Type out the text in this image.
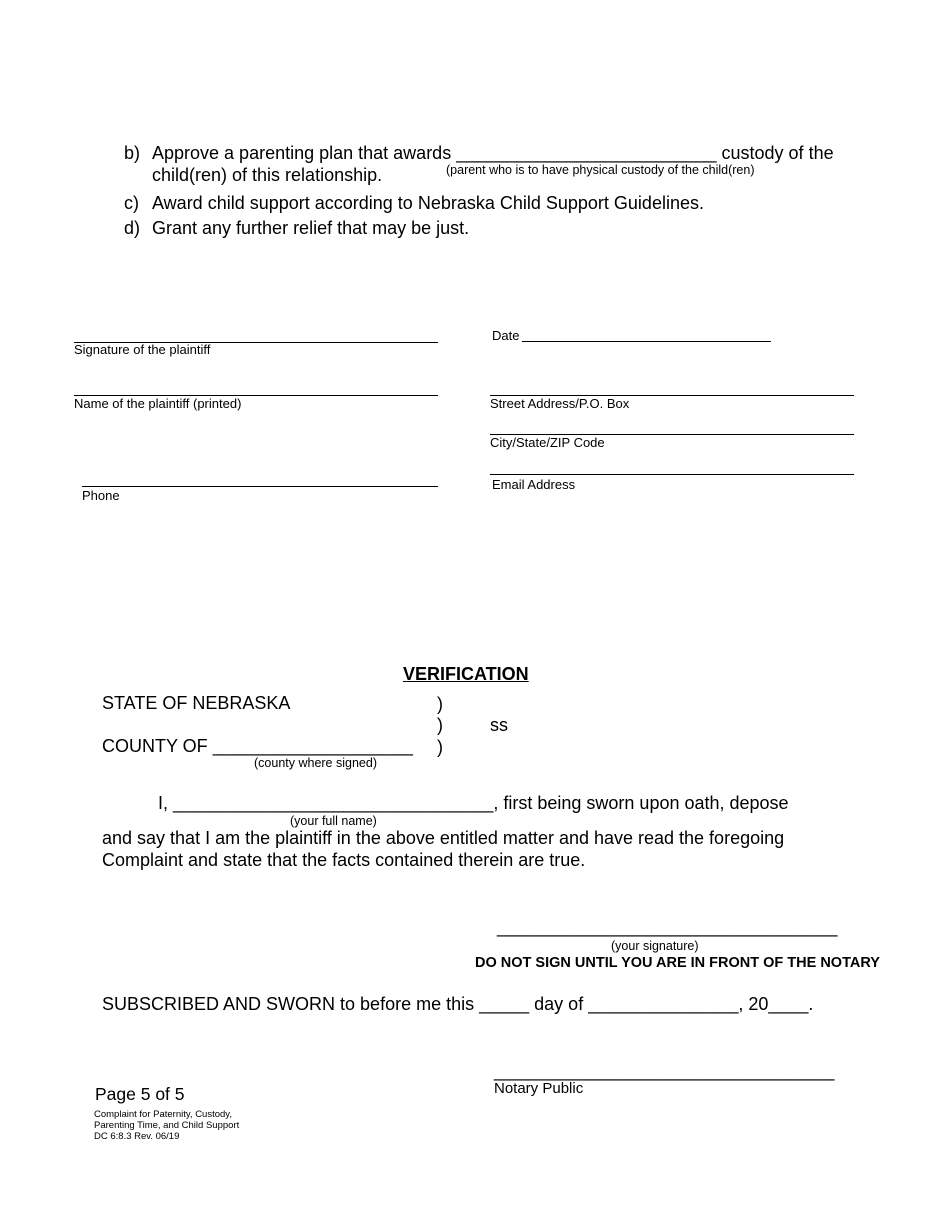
b) Approve a parenting plan that awards __________________________ custody of the
child(ren) of this relationship.	(parent who is to have physical custody of the child(ren)
c) Award child support according to Nebraska Child Support Guidelines.
d) Grant any further relief that may be just.
Signature of the plaintiff
Date
Name of the plaintiff (printed)	Street Address/P.O. Box
City/State/ZIP Code
Email Address
Phone
VERIFICATION
STATE OF NEBRASKA	)
)
)
ss
COUNTY OF ____________________
(county where signed)
I, ________________________________, first being sworn upon oath, depose
(your full name)
and say that I am the plaintiff in the above entitled matter and have read the foregoing
Complaint and state that the facts contained therein are true.
__________________________________
(your signature)
DO NOT SIGN UNTIL YOU ARE IN FRONT OF THE NOTARY
SUBSCRIBED AND SWORN to before me this _____ day of _______________, 20____.
__________________________________
Notary Public
Page 5 of 5
Complaint for Paternity, Custody,
Parenting Time, and Child Support
DC 6:8.3 Rev. 06/19
